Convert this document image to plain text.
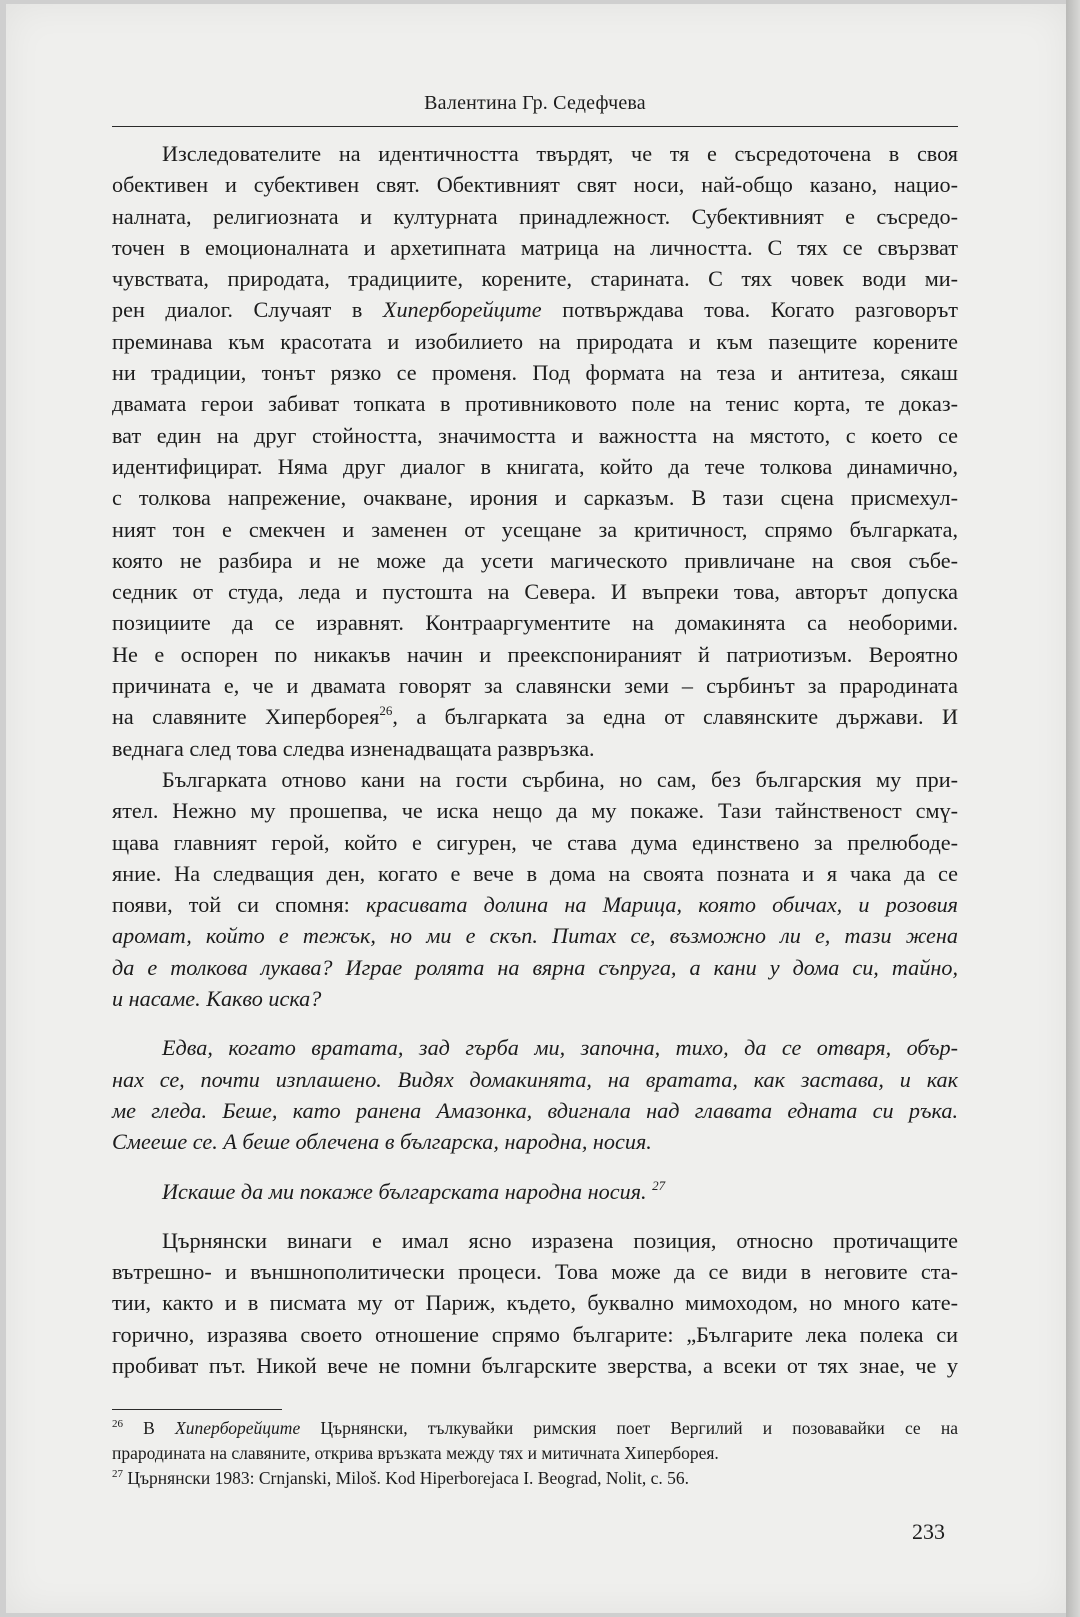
Валентина Гр. Седефчева

Изследователите на идентичността твърдят, че тя е съсредоточена в своя
обективен и субективен свят. Обективният свят носи, най-общо казано, нацио-
налната, религиозната и културната принадлежност. Субективният е съсредо-
точен в емоционалната и архетипната матрица на личността. С тях се свързват
чувствата, природата, традициите, корените, старината. С тях човек води ми-
рен диалог. Случаят в Хиперборейците потвърждава това. Когато разговорът
преминава към красотата и изобилието на природата и към пазещите корените
ни традиции, тонът рязко се променя. Под формата на теза и антитеза, сякаш
двамата герои забиват топката в противниковото поле на тенис корта, те доказ-
ват един на друг стойността, значимостта и важността на мястото, с което се
идентифицират. Няма друг диалог в книгата, който да тече толкова динамично,
с толкова напрежение, очакване, ирония и сарказъм. В тази сцена присмехул-
ният тон е смекчен и заменен от усещане за критичност, спрямо българката,
която не разбира и не може да усети магическото привличане на своя събе-
седник от студа, леда и пустошта на Севера. И въпреки това, авторът допуска
позициите да се изравнят. Контрааргументите на домакинята са необорими.
Не е оспорен по никакъв начин и преекспонираният й патриотизъм. Вероятно
причината е, че и двамата говорят за славянски земи – сърбинът за прародината
на славяните Хиперборея$^{26}$, а българката за една от славянските държави. И
веднага след това следва изненадващата развръзка.

Българката отново кани на гости сърбина, но сам, без българския му при-
ятел. Нежно му прошепва, че иска нещо да му покаже. Тази тайнственост смү-
щава главният герой, който е сигурен, че става дума единствено за прелюбоде-
яние. На следващия ден, когато е вече в дома на своята позната и я чака да се
появи, той си спомня: красивата долина на Марица, която обичах, и розовия
аромат, който е тежък, но ми е скъп. Питах се, възможно ли е, тази жена
да е толкова лукава? Играе ролята на вярна съпруга, а кани у дома си, тайно,
и насаме. Какво иска?

Едва, когато вратата, зад гърба ми, започна, тихо, да се отваря, обър-
нах се, почти изплашено. Видях домакинята, на вратата, как застава, и как
ме гледа. Беше, като ранена Амазонка, вдигнала над главата едната си ръка.
Смееше се. А беше облечена в българска, народна, носия.

Искаше да ми покаже българската народна носия. $^{27}$

Църнянски винаги е имал ясно изразена позиция, относно протичащите
вътрешно- и външнополитически процеси. Това може да се види в неговите ста-
тии, както и в писмата му от Париж, където, буквално мимоходом, но много кате-
горично, изразява своето отношение спрямо българите: „Българите лека полека си
пробиват път. Никой вече не помни българските зверства, а всеки от тях знае, че у

$^{26}$ В Хиперборейците Църнянски, тълкувайки римския поет Вергилий и позовавайки се на
прародината на славяните, открива връзката между тях и митичната Хиперборея.
$^{27}$ Църнянски 1983: Crnjanski, Miloš. Kod Hiperborejaca I. Beograd, Nolit, с. 56.
233
